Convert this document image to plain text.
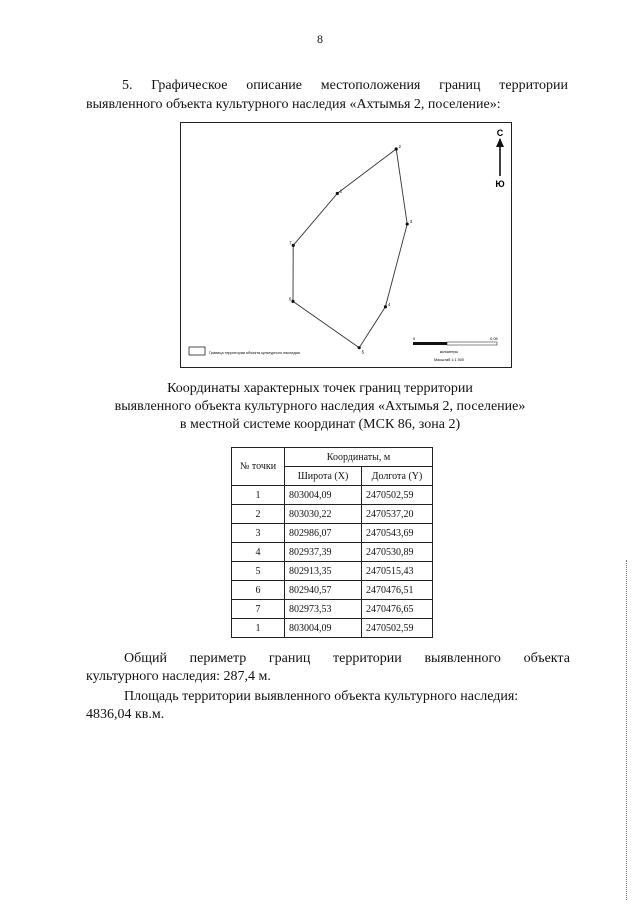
8
5. Графическое описание местоположения границ территории
выявленного объекта культурного наследия «Ахтымья 2, поселение»:
1
2
3
4
5
6
7
С
Ю
Граница территории объекта культурного наследия
0	0,05
километры
Масштаб 1:1 500
Координаты характерных точек границ территории
выявленного объекта культурного наследия «Ахтымья 2, поселение»
в местной системе координат (МСК 86, зона 2)
№ точки	Координаты, м	
	Широта (X)	Долгота (Y)
1	803004,09	2470502,59
2	803030,22	2470537,20
3	802986,07	2470543,69
4	802937,39	2470530,89
5	802913,35	2470515,43
6	802940,57	2470476,51
7	802973,53	2470476,65
1	803004,09	2470502,59
Общий периметр границ территории выявленного объекта
культурного наследия: 287,4 м.
Площадь территории выявленного объекта культурного наследия:
4836,04 кв.м.
